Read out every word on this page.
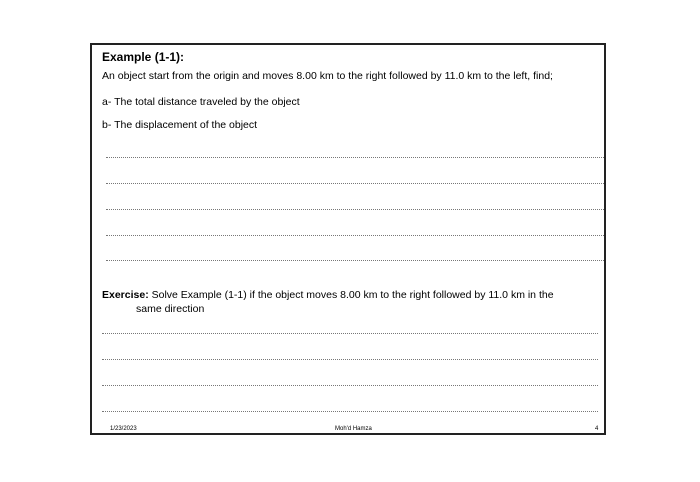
Example (1-1):
An object start from the origin and moves 8.00 km to the right followed by 11.0 km to the left, find;
a- The total distance traveled by the object
b- The displacement of the object
Exercise: Solve Example (1-1) if the object moves 8.00 km to the right followed by 11.0 km in the
same direction
1/23/2023	Moh'd Hamza	4
